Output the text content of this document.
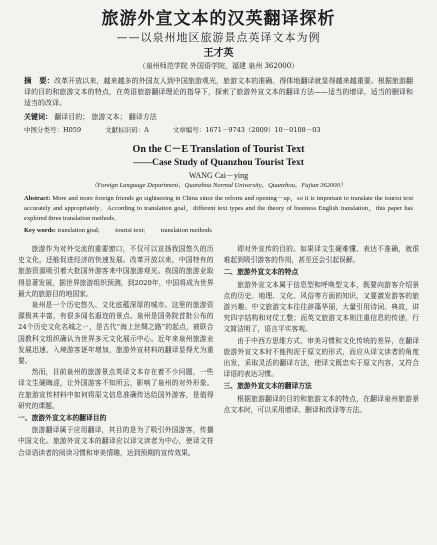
旅游外宣文本的汉英翻译探析
——以泉州地区旅游景点英译文本为例
王才英
（泉州师范学院 外国语学院，福建 泉州 362000）
摘　要：改革开放以来，越来越多的外国友人到中国旅游观光，旅游文本的准确、得体地翻译就显得越来越重要。根据旅游翻译的目的和旅游文本的特点，在英语旅游翻译理论的指导下，探索了旅游外宣文本的翻译方法——适当的增译、适当的删译和适当的改译。
关键词： 翻译目的； 旅游文本； 翻译方法
中图分类号：H059	文献标识码：A	文章编号：1671－9743（2009）10－0108－03
On the C－E Translation of Tourist Text
——Case Study of Quanzhou Tourist Text
WANG Cai－ying
（Foreign Language Department，Quanzhou Normal University，Quanzhou，Fujian 362000）
Abstract: More and more foreign friends go sightseeing in China since the reform and opening－up，so it is important to translate the tourist text accurately and appropriately．According to translation goal，different text types and the theory of business English translation，this paper has explored three translation methods．
Key words: translation goal; tourist text; translation methods

旅游作为对外交流的重要窗口，不仅可以宣扬我国悠久的历史文化，还能促进经济的快速发展。改革开放以来，中国特有的旅游资源吸引着大批国外游客来中国旅游观光。我国的旅游业取得显著发展，据世界旅游组织预测，到2020年，中国将成为世界最大的旅游目的地国家。

泉州是一个历史悠久、文化底蕴深厚的城市。这里的旅游资源极其丰富，有很多闻名遐迩的景点。泉州是国务院首批公布的24个历史文化名城之一，是古代“海上丝绸之路”的起点，被联合国教科文组织确认为世界多元文化展示中心。近年来泉州旅游业发展迅速，入境游客逐年增加，旅游外宣材料的翻译显得尤为重要。

然而，目前泉州的旅游景点英译文本存在着不少问题，一些译文生硬晦涩，让外国游客不知所云，影响了泉州的对外形象。在旅游宣传材料中如何将原文信息准确传达给国外游客，是值得研究的课题。

一、旅游外宣文本的翻译目的

旅游翻译属于应用翻译，其目的是为了吸引外国游客，传播中国文化。旅游外宣文本的翻译应以译文读者为中心，使译文符合译语读者的阅读习惯和审美情趣，达到预期的宣传效果。

即对外宣传的目的。如果译文生硬难懂、表达不准确，就很难起到吸引游客的作用，甚至还会引起误解。

二、旅游外宣文本的特点

旅游外宣文本属于信息型和呼唤型文本，既要向游客介绍景点的历史、地理、文化、风俗等方面的知识，又要激发游客的旅游兴趣。中文旅游文本往往辞藻华丽，大量引用诗词、典故，讲究四字结构和对仗工整；而英文旅游文本则注重信息的传递，行文简洁明了，语言平实客观。

由于中西方思维方式、审美习惯和文化传统的差异，在翻译旅游外宣文本时不能拘泥于原文的形式，而应从译文读者的角度出发，采取灵活的翻译方法，使译文既忠实于原文内容，又符合译语的表达习惯。

三、旅游外宣文本的翻译方法

根据旅游翻译的目的和旅游文本的特点，在翻译泉州旅游景点文本时，可以采用增译、删译和改译等方法。
